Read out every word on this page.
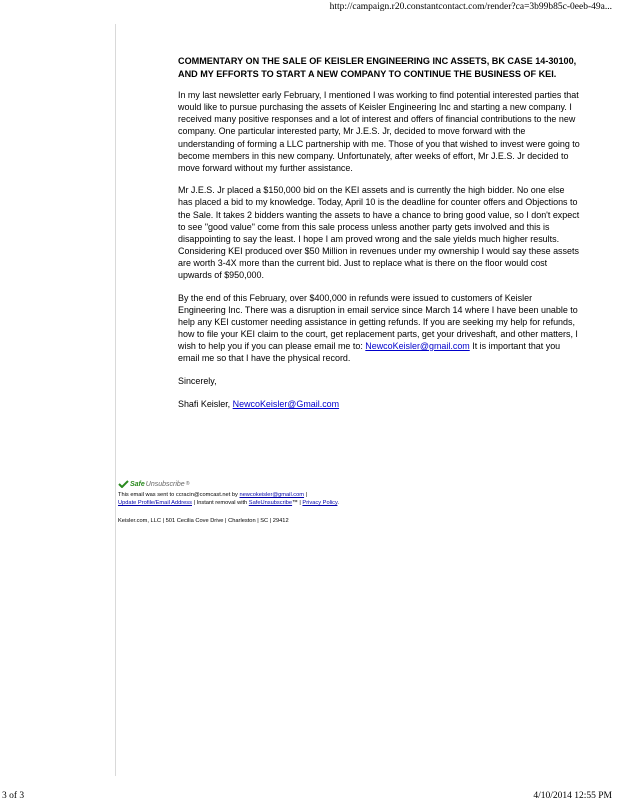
http://campaign.r20.constantcontact.com/render?ca=3b99b85c-0eeb-49a...

COMMENTARY ON THE SALE OF KEISLER ENGINEERING INC ASSETS, BK CASE 14-30100, AND MY EFFORTS TO START A NEW COMPANY TO CONTINUE THE BUSINESS OF KEI.

In my last newsletter early February, I mentioned I was working to find potential interested parties that would like to pursue purchasing the assets of Keisler Engineering Inc and starting a new company. I received many positive responses and a lot of interest and offers of financial contributions to the new company. One particular interested party, Mr J.E.S. Jr, decided to move forward with the understanding of forming a LLC partnership with me. Those of you that wished to invest were going to become members in this new company. Unfortunately, after weeks of effort, Mr J.E.S. Jr decided to move forward without my further assistance.

Mr J.E.S. Jr placed a $150,000 bid on the KEI assets and is currently the high bidder. No one else has placed a bid to my knowledge. Today, April 10 is the deadline for counter offers and Objections to the Sale. It takes 2 bidders wanting the assets to have a chance to bring good value, so I don't expect to see "good value" come from this sale process unless another party gets involved and this is disappointing to say the least. I hope I am proved wrong and the sale yields much higher results. Considering KEI produced over $50 Million in revenues under my ownership I would say these assets are worth 3-4X more than the current bid. Just to replace what is there on the floor would cost upwards of $950,000.

By the end of this February, over $400,000 in refunds were issued to customers of Keisler Engineering Inc. There was a disruption in email service since March 14 where I have been unable to help any KEI customer needing assistance in getting refunds. If you are seeking my help for refunds, how to file your KEI claim to the court, get replacement parts, get your driveshaft, and other matters, I wish to help you if you can please email me to: NewcoKeisler@gmail.com It is important that you email me so that I have the physical record.

Sincerely,

Shafi Keisler, NewcoKeisler@Gmail.com

Safe Unsubscribe ®
This email was sent to ccracin@comcast.net by newcokeisler@gmail.com |
Update Profile/Email Address | Instant removal with SafeUnsubscribe™ | Privacy Policy.
Keisler.com, LLC | 501 Cecilia Cove Drive | Charleston | SC | 29412
3 of 3	4/10/2014 12:55 PM
